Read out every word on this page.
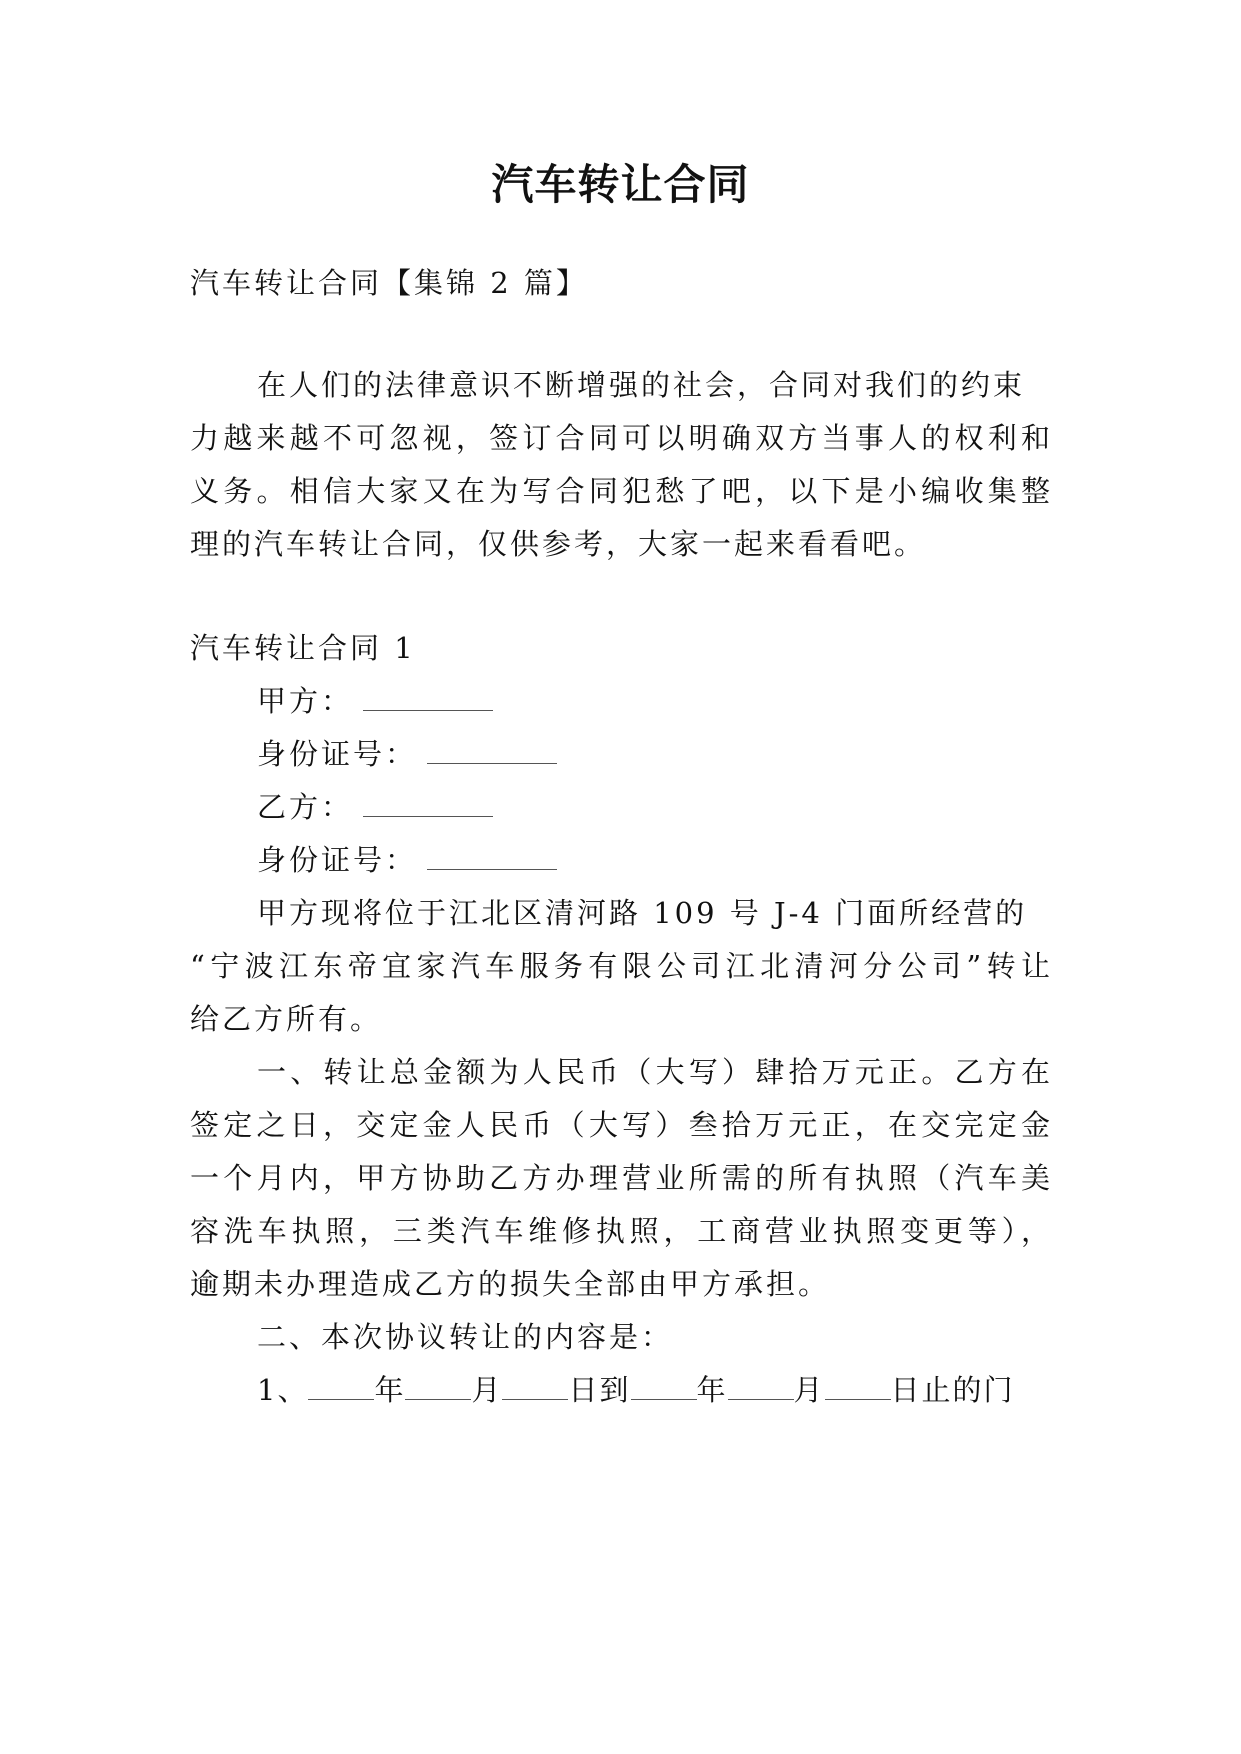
汽车转让合同
汽车转让合同【集锦 2 篇】
在人们的法律意识不断增强的社会，合同对我们的约束
力越来越不可忽视，签订合同可以明确双方当事人的权利和
义务。相信大家又在为写合同犯愁了吧，以下是小编收集整
理的汽车转让合同，仅供参考，大家一起来看看吧。
汽车转让合同 1
甲方：
身份证号：
乙方：
身份证号：
甲方现将位于江北区清河路 109 号 J-4 门面所经营的
“宁波江东帝宜家汽车服务有限公司江北清河分公司”转让
给乙方所有。
一、转让总金额为人民币（大写）肆拾万元正。乙方在
签定之日，交定金人民币（大写）叁拾万元正，在交完定金
一个月内，甲方协助乙方办理营业所需的所有执照（汽车美
容洗车执照，三类汽车维修执照，工商营业执照变更等），
逾期未办理造成乙方的损失全部由甲方承担。
二、本次协议转让的内容是：
1、 年 月 日到 年 月 日止的门
